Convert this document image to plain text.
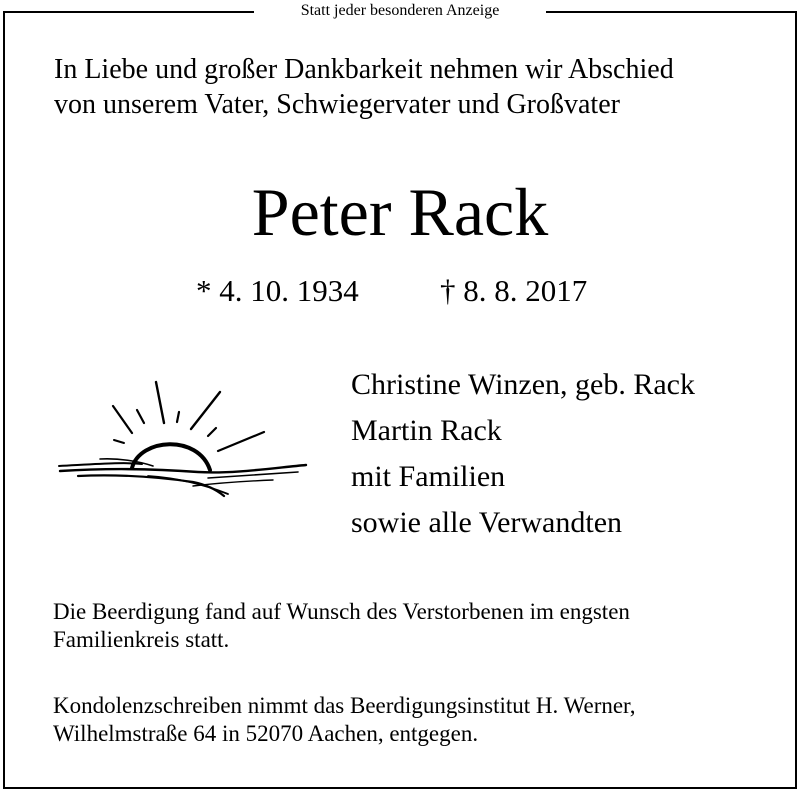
Statt jeder besonderen Anzeige
In Liebe und großer Dankbarkeit nehmen wir Abschied
von unserem Vater, Schwiegervater und Großvater
Peter Rack
* 4. 10. 1934	† 8. 8. 2017
Christine Winzen, geb. Rack
Martin Rack
mit Familien
sowie alle Verwandten
Die Beerdigung fand auf Wunsch des Verstorbenen im engsten
Familienkreis statt.
Kondolenzschreiben nimmt das Beerdigungsinstitut H. Werner,
Wilhelmstraße 64 in 52070 Aachen, entgegen.
